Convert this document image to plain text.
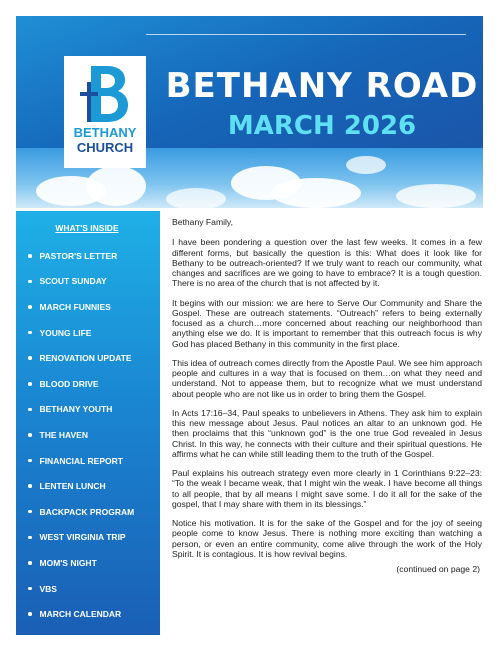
BETHANY
CHURCH
BETHANY ROAD
MARCH 2026
WHAT'S INSIDE
PASTOR'S LETTER
SCOUT SUNDAY
MARCH FUNNIES
YOUNG LIFE
RENOVATION UPDATE
BLOOD DRIVE
BETHANY YOUTH
THE HAVEN
FINANCIAL REPORT
LENTEN LUNCH
BACKPACK PROGRAM
WEST VIRGINIA TRIP
MOM'S NIGHT
VBS
MARCH CALENDAR

Bethany Family,

I have been pondering a question over the last few weeks. It comes in a few different forms, but basically the question is this: What does it look like for Bethany to be outreach-oriented? If we truly want to reach our community, what changes and sacrifices are we going to have to embrace? It is a tough question. There is no area of the church that is not affected by it.

It begins with our mission: we are here to Serve Our Community and Share the Gospel. These are outreach statements. “Outreach” refers to being externally focused as a church…more concerned about reaching our neighborhood than anything else we do. It is important to remember that this outreach focus is why God has placed Bethany in this community in the first place.

This idea of outreach comes directly from the Apostle Paul. We see him approach people and cultures in a way that is focused on them…on what they need and understand. Not to appease them, but to recognize what we must understand about people who are not like us in order to bring them the Gospel.

In Acts 17:16–34, Paul speaks to unbelievers in Athens. They ask him to explain this new message about Jesus. Paul notices an altar to an unknown god. He then proclaims that this “unknown god” is the one true God revealed in Jesus Christ. In this way, he connects with their culture and their spiritual questions. He affirms what he can while still leading them to the truth of the Gospel.

Paul explains his outreach strategy even more clearly in 1 Corinthians 9:22–23: “To the weak I became weak, that I might win the weak. I have become all things to all people, that by all means I might save some. I do it all for the sake of the gospel, that I may share with them in its blessings.”

Notice his motivation. It is for the sake of the Gospel and for the joy of seeing people come to know Jesus. There is nothing more exciting than watching a person, or even an entire community, come alive through the work of the Holy Spirit. It is contagious. It is how revival begins.

(continued on page 2)
